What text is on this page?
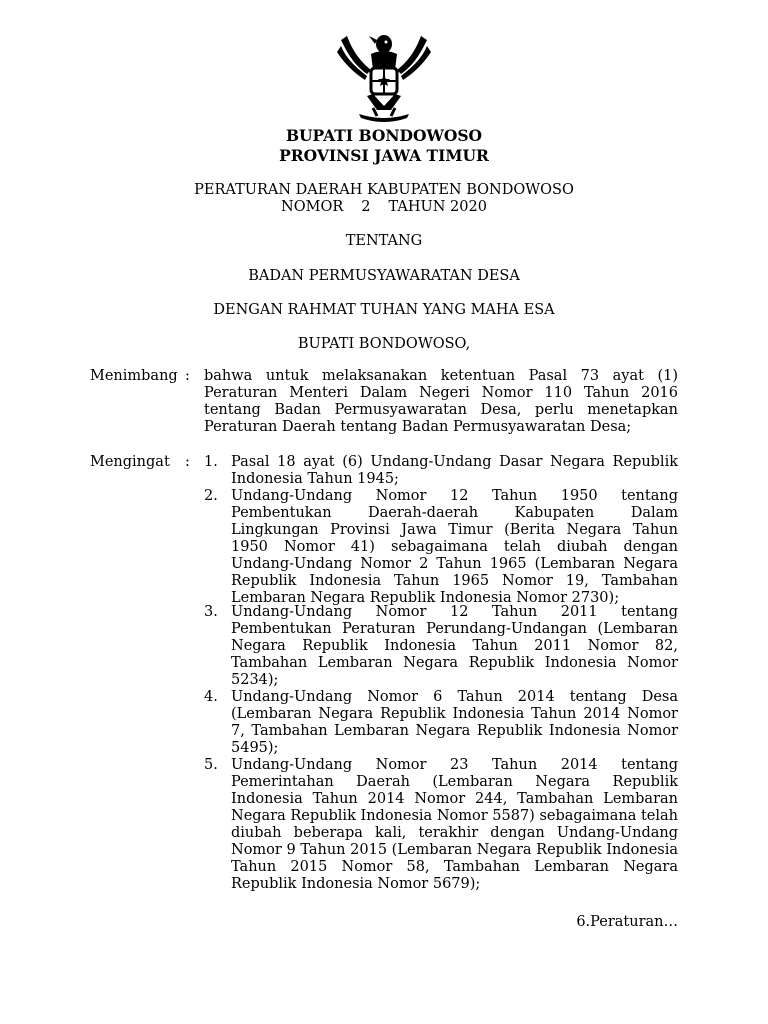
BUPATI BONDOWOSO
PROVINSI JAWA TIMUR
PERATURAN DAERAH KABUPATEN BONDOWOSO
NOMOR 2 TAHUN 2020
TENTANG
BADAN PERMUSYAWARATAN DESA
DENGAN RAHMAT TUHAN YANG MAHA ESA
BUPATI BONDOWOSO,
Menimbang : bahwa untuk melaksanakan ketentuan Pasal 73 ayat (1)
Peraturan Menteri Dalam Negeri Nomor 110 Tahun 2016
tentang Badan Permusyawaratan Desa, perlu menetapkan
Peraturan Daerah tentang Badan Permusyawaratan Desa;
Mengingat : 1. Pasal 18 ayat (6) Undang-Undang Dasar Negara Republik
Indonesia Tahun 1945;
2. Undang-Undang Nomor 12 Tahun 1950 tentang
Pembentukan Daerah-daerah Kabupaten Dalam
Lingkungan Provinsi Jawa Timur (Berita Negara Tahun
1950 Nomor 41) sebagaimana telah diubah dengan
Undang-Undang Nomor 2 Tahun 1965 (Lembaran Negara
Republik Indonesia Tahun 1965 Nomor 19, Tambahan
Lembaran Negara Republik Indonesia Nomor 2730);
3. Undang-Undang Nomor 12 Tahun 2011 tentang
Pembentukan Peraturan Perundang-Undangan (Lembaran
Negara Republik Indonesia Tahun 2011 Nomor 82,
Tambahan Lembaran Negara Republik Indonesia Nomor
5234);
4. Undang-Undang Nomor 6 Tahun 2014 tentang Desa
(Lembaran Negara Republik Indonesia Tahun 2014 Nomor
7, Tambahan Lembaran Negara Republik Indonesia Nomor
5495);
5. Undang-Undang Nomor 23 Tahun 2014 tentang
Pemerintahan Daerah (Lembaran Negara Republik
Indonesia Tahun 2014 Nomor 244, Tambahan Lembaran
Negara Republik Indonesia Nomor 5587) sebagaimana telah
diubah beberapa kali, terakhir dengan Undang-Undang
Nomor 9 Tahun 2015 (Lembaran Negara Republik Indonesia
Tahun 2015 Nomor 58, Tambahan Lembaran Negara
Republik Indonesia Nomor 5679);
6.Peraturan…
